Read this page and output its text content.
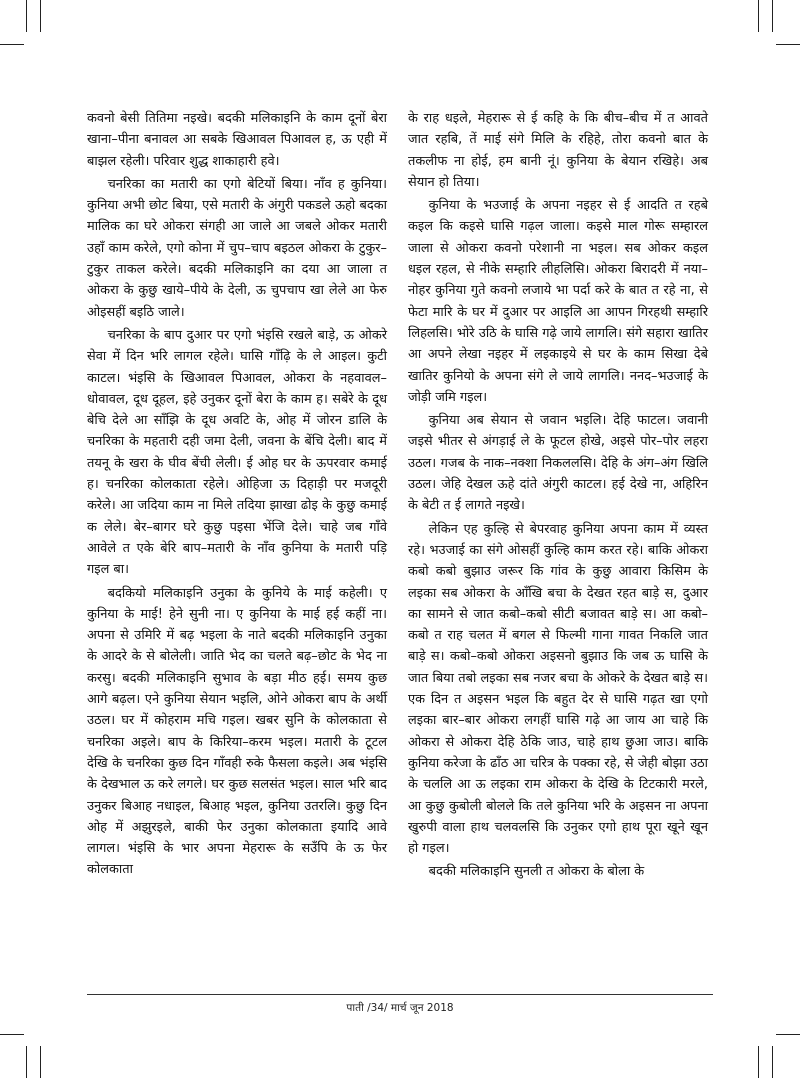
कवनो बेसी तितिमा नइखे। बदकी मलिकाइनि के काम दूनों बेरा खाना–पीना बनावल आ सबके खिआवल पिआवल ह, ऊ एही में बाझल रहेली। परिवार शुद्ध शाकाहारी हवे।

चनरिका का मतारी का एगो बेटियों बिया। नाँव ह कुनिया। कुनिया अभी छोट बिया, एसे मतारी के अंगुरी पकडले ऊहो बदका मालिक का घरे ओकरा संगही आ जाले आ जबले ओकर मतारी उहाँ काम करेले, एगो कोना में चुप–चाप बइठल ओकरा के टुकुर–टुकुर ताकल करेले। बदकी मलिकाइनि का दया आ जाला त ओकरा के कुछु खाये–पीये के देली, ऊ चुपचाप खा लेले आ फेरु ओइसहीं बइठि जाले।

चनरिका के बाप दुआर पर एगो भंइसि रखले बाड़े, ऊ ओकरे सेवा में दिन भरि लागल रहेले। घासि गाँढ़ि के ले आइल। कुटी काटल। भंइसि के खिआवल पिआवल, ओकरा के नहवावल–धोवावल, दूध दूहल, इहे उनुकर दूनों बेरा के काम ह। सबेरे के दूध बेचि देले आ साँझि के दूध अवटि के, ओह में जोरन डालि के चनरिका के महतारी दही जमा देली, जवना के बेंचि देली। बाद में तयनू के खरा के घीव बेंची लेली। ई ओह घर के ऊपरवार कमाई ह। चनरिका कोलकाता रहेले। ओहिजा ऊ दिहाड़ी पर मजदूरी करेले। आ जदिया काम ना मिले तदिया झाखा ढोइ के कुछु कमाई क लेले। बेर–बागर घरे कुछु पइसा भेंजि देले। चाहे जब गाँवे आवेले त एके बेरि बाप–मतारी के नाँव कुनिया के मतारी पड़ि गइल बा।

बदकियो मलिकाइनि उनुका के कुनिये के माई कहेली। ए कुनिया के माई! हेने सुनी ना। ए कुनिया के माई हई कहीं ना। अपना से उमिरि में बढ़ भइला के नाते बदकी मलिकाइनि उनुका के आदरे के से बोलेली। जाति भेद का चलते बढ़–छोट के भेद ना करसु। बदकी मलिकाइनि सुभाव के बड़ा मीठ हई। समय कुछ आगे बढ़ल। एने कुनिया सेयान भइलि, ओने ओकरा बाप के अर्थी उठल। घर में कोहराम मचि गइल। खबर सुनि के कोलकाता से चनरिका अइले। बाप के किरिया–करम भइल। मतारी के टूटल देखि के चनरिका कुछ दिन गाँवही रुके फैसला कइले। अब भंइसि के देखभाल ऊ करे लगले। घर कुछ सलसंत भइल। साल भरि बाद उनुकर बिआह नधाइल, बिआह भइल, कुनिया उतरलि। कुछु दिन ओह में अझुरइले, बाकी फेर उनुका कोलकाता इयादि आवे लागल। भंइसि के भार अपना मेहरारू के सउँपि के ऊ फेर कोलकाता

के राह धइले, मेहरारू से ई कहि के कि बीच–बीच में त आवते जात रहबि, तें माई संगे मिलि के रहिहे, तोरा कवनो बात के तकलीफ ना होई, हम बानी नूं। कुनिया के बेयान रखिहे। अब सेयान हो तिया।

कुनिया के भउजाई के अपना नइहर से ई आदति त रहबे कइल कि कइसे घासि गढ़ल जाला। कइसे माल गोरू सम्हारल जाला से ओकरा कवनो परेशानी ना भइल। सब ओकर कइल धइल रहल, से नीके सम्हारि लीहलिसि। ओकरा बिरादरी में नया–नोहर कुनिया गुते कवनो लजाये भा पर्दा करे के बात त रहे ना, से फेटा मारि के घर में दुआर पर आइलि आ आपन गिरहथी सम्हारि लिहलसि। भोरे उठि के घासि गढ़े जाये लागलि। संगे सहारा खातिर आ अपने लेखा नइहर में लइकाइये से घर के काम सिखा देबे खातिर कुनियो के अपना संगे ले जाये लागलि। ननद–भउजाई के जोड़ी जमि गइल।

कुनिया अब सेयान से जवान भइलि। देहि फाटल। जवानी जइसे भीतर से अंगड़ाई ले के फूटल होखे, अइसे पोर–पोर लहरा उठल। गजब के नाक–नक्शा निकललसि। देहि के अंग–अंग खिलि उठल। जेहि देखल ऊहे दांते अंगुरी काटल। हई देखे ना, अहिरिन के बेटी त ई लागते नइखे।

लेकिन एह कुल्हि से बेपरवाह कुनिया अपना काम में व्यस्त रहे। भउजाई का संगे ओसहीं कुल्हि काम करत रहे। बाकि ओकरा कबो कबो बुझाउ जरूर कि गांव के कुछु आवारा किसिम के लइका सब ओकरा के आँखि बचा के देखत रहत बाड़े स, दुआर का सामने से जात कबो–कबो सीटी बजावत बाड़े स। आ कबो–कबो त राह चलत में बगल से फिल्मी गाना गावत निकलि जात बाड़े स। कबो–कबो ओकरा अइसनो बुझाउ कि जब ऊ घासि के जात बिया तबो लइका सब नजर बचा के ओकरे के देखत बाड़े स। एक दिन त अइसन भइल कि बहुत देर से घासि गढ़त खा एगो लइका बार–बार ओकरा लगहीं घासि गढ़े आ जाय आ चाहे कि ओकरा से ओकरा देहि ठेकि जाउ, चाहे हाथ छुआ जाउ। बाकि कुनिया करेजा के ढाँठ आ चरित्र के पक्का रहे, से जेही बोझा उठा के चललि आ ऊ लइका राम ओकरा के देखि के टिटकारी मरले, आ कुछु कुबोली बोलले कि तले कुनिया भरि के अइसन ना अपना खुरुपी वाला हाथ चलवलसि कि उनुकर एगो हाथ पूरा खूने खून हो गइल।

बदकी मलिकाइनि सुनली त ओकरा के बोला के

पाती /34/ मार्च जून 2018
